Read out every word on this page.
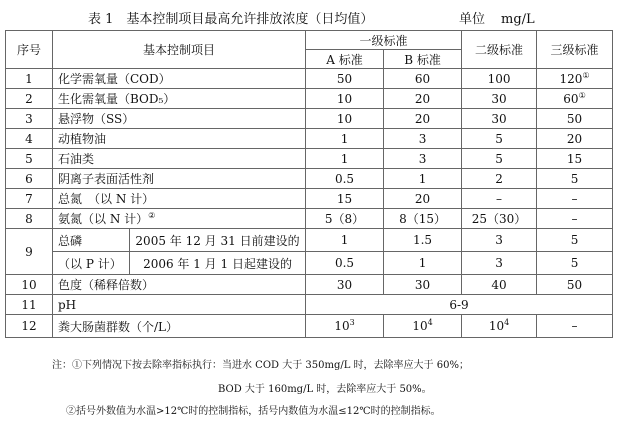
表 1　基本控制项目最高允许排放浓度（日均值）	单位 mg/L
序号	基本控制项目		一级标准		二级标准	三级标准
			A 标准	B 标准		
1	化学需氧量（COD）		50	60	100	120①
2	生化需氧量（BOD₅）		10	20	30	60①
3	悬浮物（SS）		10	20	30	50
4	动植物油		1	3	5	20
5	石油类		1	3	5	15
6	阴离子表面活性剂		0.5	1	2	5
7	总氮　（以 N 计）		15	20	–	–
8	氨氮（以 N 计）②		5（8）	8（15）	25（30）	–
9	总磷	2005 年 12 月 31 日前建设的	1	1.5	3	5
	（以 P 计）	2006 年 1 月 1 日起建设的	0.5	1	3	5
10	色度（稀释倍数）		30	30	40	50
11	pH		6-9			
12	粪大肠菌群数（个/L）		$10^3$	$10^4$	$10^4$	–
注：①下列情况下按去除率指标执行：当进水 COD 大于 350mg/L 时，去除率应大于 60%；
BOD 大于 160mg/L 时，去除率应大于 50%。
②括号外数值为水温>12℃时的控制指标，括号内数值为水温≤12℃时的控制指标。
